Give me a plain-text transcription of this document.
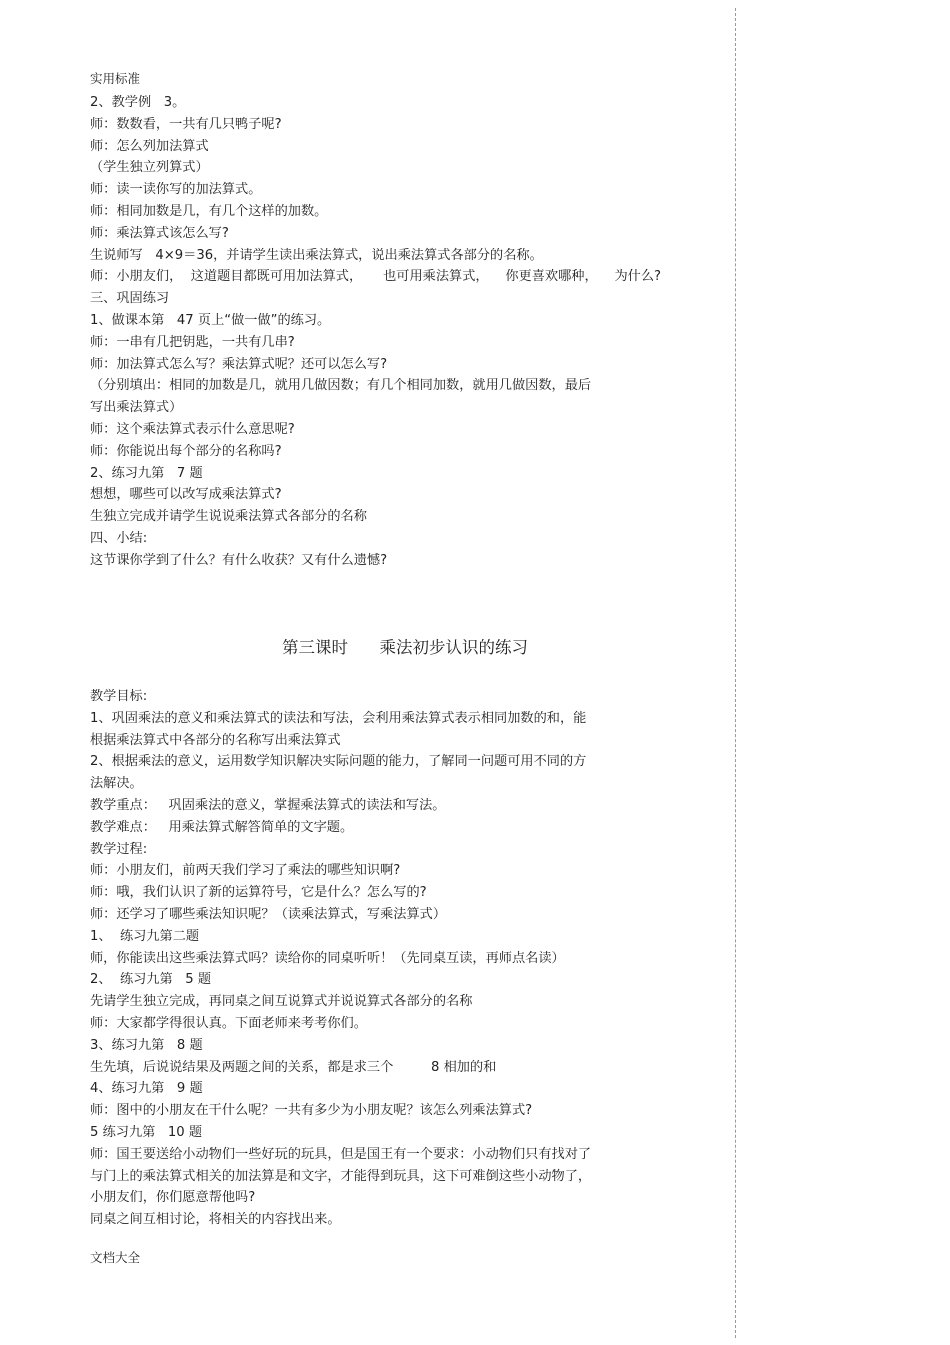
实用标准
2、教学例   3。
师：数数看，一共有几只鸭子呢?
师：怎么列加法算式
（学生独立列算式）
师：读一读你写的加法算式。
师：相同加数是几，有几个这样的加数。
师：乘法算式该怎么写?
生说师写   4×9＝36，并请学生读出乘法算式，说出乘法算式各部分的名称。
师：小朋友们，  这道题目都既可用加法算式，     也可用乘法算式，    你更喜欢哪种，    为什么?
三、巩固练习
1、做课本第   47 页上“做一做”的练习。
师：一串有几把钥匙，一共有几串?
师：加法算式怎么写？乘法算式呢？还可以怎么写?
（分别填出：相同的加数是几，就用几做因数；有几个相同加数，就用几做因数，最后
写出乘法算式）
师：这个乘法算式表示什么意思呢?
师：你能说出每个部分的名称吗?
2、练习九第   7 题
想想，哪些可以改写成乘法算式?
生独立完成并请学生说说乘法算式各部分的名称
四、小结:
这节课你学到了什么？有什么收获？又有什么遗憾?
第三课时      乘法初步认识的练习
教学目标:
1、巩固乘法的意义和乘法算式的读法和写法，会利用乘法算式表示相同加数的和，能
根据乘法算式中各部分的名称写出乘法算式
2、根据乘法的意义，运用数学知识解决实际问题的能力，了解同一问题可用不同的方
法解决。
教学重点：   巩固乘法的意义，掌握乘法算式的读法和写法。
教学难点：   用乘法算式解答简单的文字题。
教学过程:
师：小朋友们，前两天我们学习了乘法的哪些知识啊?
师：哦，我们认识了新的运算符号，它是什么？怎么写的?
师：还学习了哪些乘法知识呢？（读乘法算式，写乘法算式）
1、  练习九第二题
师，你能读出这些乘法算式吗？读给你的同桌听听！（先同桌互读，再师点名读）
2、  练习九第   5 题
先请学生独立完成，再同桌之间互说算式并说说算式各部分的名称
师：大家都学得很认真。下面老师来考考你们。
3、练习九第   8 题
生先填，后说说结果及两题之间的关系，都是求三个         8 相加的和
4、练习九第   9 题
师：图中的小朋友在干什么呢？一共有多少为小朋友呢？该怎么列乘法算式?
5 练习九第   10 题
师：国王要送给小动物们一些好玩的玩具，但是国王有一个要求：小动物们只有找对了
与门上的乘法算式相关的加法算是和文字，才能得到玩具，这下可难倒这些小动物了，
小朋友们，你们愿意帮他吗?
同桌之间互相讨论，将相关的内容找出来。
文档大全
